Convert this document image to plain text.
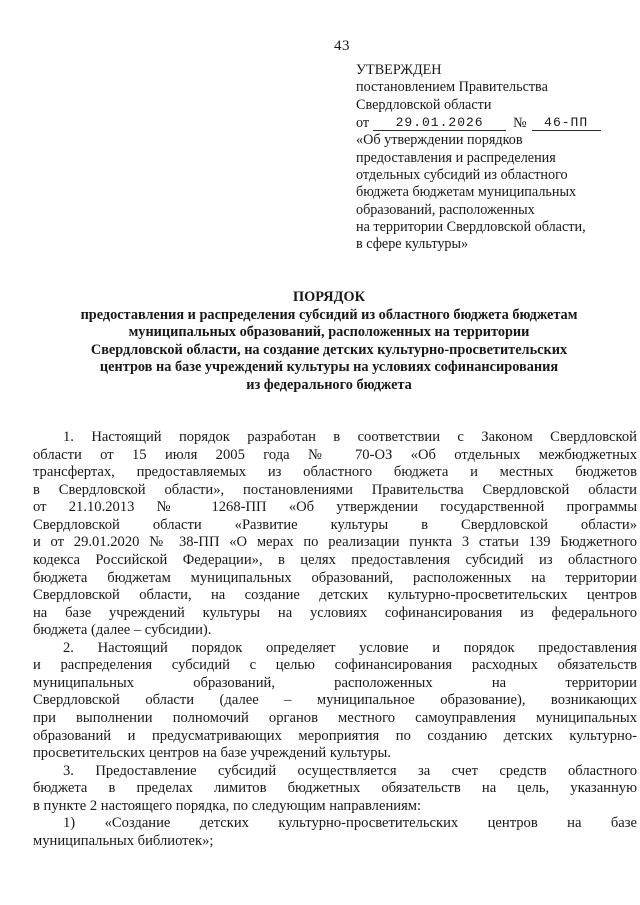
43
УТВЕРЖДЕН
постановлением Правительства
Свердловской области
от	29.01.2026	№	46-ПП
«Об утверждении порядков
предоставления и распределения
отдельных субсидий из областного
бюджета бюджетам муниципальных
образований, расположенных
на территории Свердловской области,
в сфере культуры»
ПОРЯДОК
предоставления и распределения субсидий из областного бюджета бюджетам
муниципальных образований, расположенных на территории
Свердловской области, на создание детских культурно-просветительских
центров на базе учреждений культуры на условиях софинансирования
из федерального бюджета
1. Настоящий порядок разработан в соответствии с Законом Свердловской
области от 15 июля 2005 года № 70-ОЗ «Об отдельных межбюджетных
трансфертах, предоставляемых из областного бюджета и местных бюджетов
в Свердловской области», постановлениями Правительства Свердловской области
от 21.10.2013 № 1268-ПП «Об утверждении государственной программы
Свердловской области «Развитие культуры в Свердловской области»
и от 29.01.2020 № 38-ПП «О мерах по реализации пункта 3 статьи 139 Бюджетного
кодекса Российской Федерации», в целях предоставления субсидий из областного
бюджета бюджетам муниципальных образований, расположенных на территории
Свердловской области, на создание детских культурно-просветительских центров
на базе учреждений культуры на условиях софинансирования из федерального
бюджета (далее – субсидии).
2. Настоящий порядок определяет условие и порядок предоставления
и распределения субсидий с целью софинансирования расходных обязательств
муниципальных образований, расположенных на территории
Свердловской области (далее – муниципальное образование), возникающих
при выполнении полномочий органов местного самоуправления муниципальных
образований и предусматривающих мероприятия по созданию детских культурно-
просветительских центров на базе учреждений культуры.
3. Предоставление субсидий осуществляется за счет средств областного
бюджета в пределах лимитов бюджетных обязательств на цель, указанную
в пункте 2 настоящего порядка, по следующим направлениям:
1) «Создание детских культурно-просветительских центров на базе
муниципальных библиотек»;
